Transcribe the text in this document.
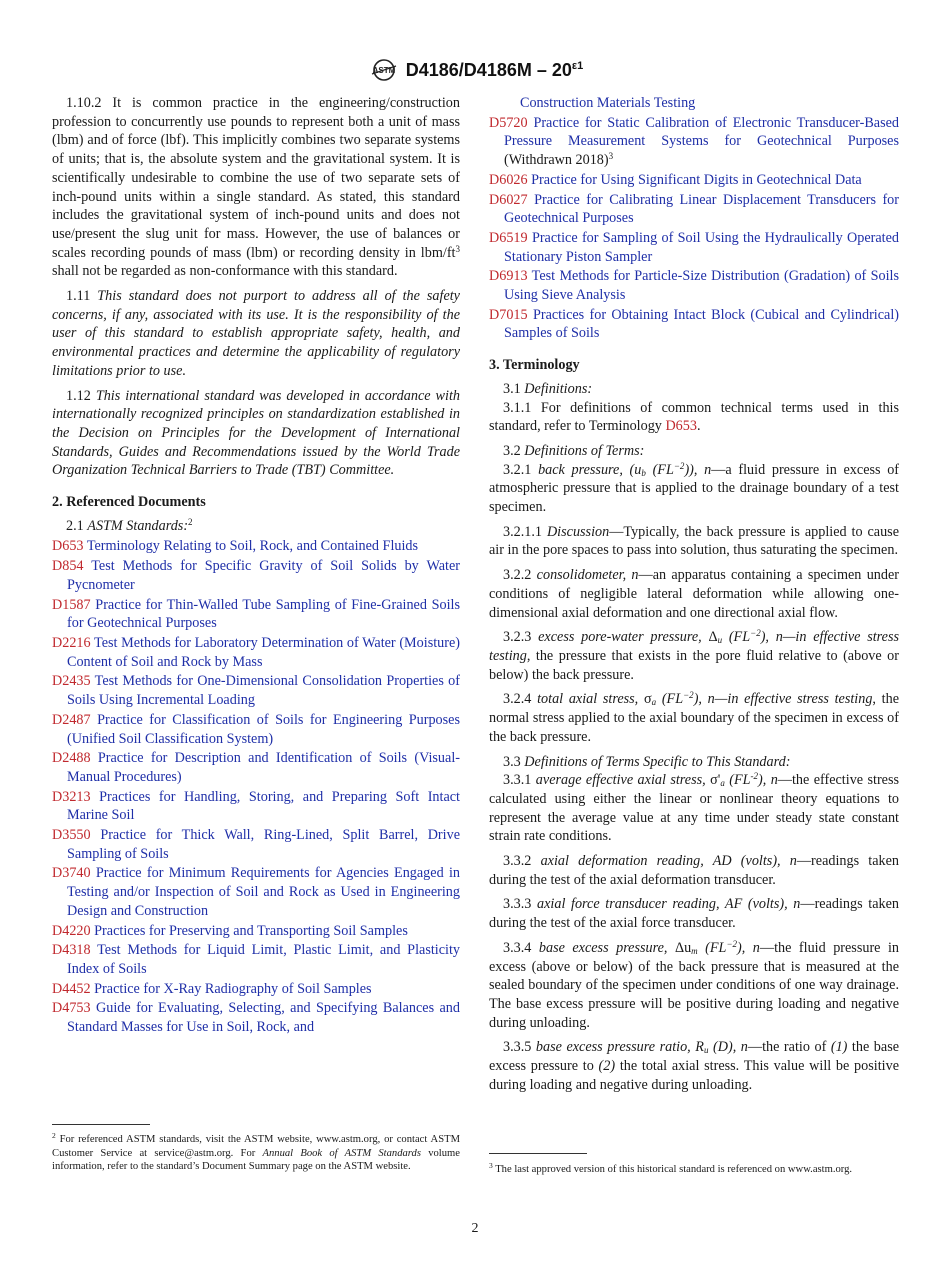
ASTM $D4186/D4186M - 20^{\varepsilon 1}$

1.10.2 It is common practice in the engineering/construction profession to concurrently use pounds to represent both a unit of mass (lbm) and of force (lbf). This implicitly combines two separate systems of units; that is, the absolute system and the gravitational system. It is scientifically undesirable to combine the use of two separate sets of inch-pound units within a single standard. As stated, this standard includes the gravitational system of inch-pound units and does not use/present the slug unit for mass. However, the use of balances or scales recording pounds of mass (lbm) or recording density in lbm/$ft^3$ shall not be regarded as non-conformance with this standard.

1.11 This standard does not purport to address all of the safety concerns, if any, associated with its use. It is the responsibility of the user of this standard to establish appropriate safety, health, and environmental practices and determine the applicability of regulatory limitations prior to use.

1.12 This international standard was developed in accordance with internationally recognized principles on standardization established in the Decision on Principles for the Development of International Standards, Guides and Recommendations issued by the World Trade Organization Technical Barriers to Trade (TBT) Committee.

2. Referenced Documents

2.1 ASTM Standards:$^2$

D653 Terminology Relating to Soil, Rock, and Contained Fluids
D854 Test Methods for Specific Gravity of Soil Solids by Water Pycnometer
D1587 Practice for Thin-Walled Tube Sampling of Fine-Grained Soils for Geotechnical Purposes
D2216 Test Methods for Laboratory Determination of Water (Moisture) Content of Soil and Rock by Mass
D2435 Test Methods for One-Dimensional Consolidation Properties of Soils Using Incremental Loading
D2487 Practice for Classification of Soils for Engineering Purposes (Unified Soil Classification System)
D2488 Practice for Description and Identification of Soils (Visual-Manual Procedures)
D3213 Practices for Handling, Storing, and Preparing Soft Intact Marine Soil
D3550 Practice for Thick Wall, Ring-Lined, Split Barrel, Drive Sampling of Soils
D3740 Practice for Minimum Requirements for Agencies Engaged in Testing and/or Inspection of Soil and Rock as Used in Engineering Design and Construction
D4220 Practices for Preserving and Transporting Soil Samples
D4318 Test Methods for Liquid Limit, Plastic Limit, and Plasticity Index of Soils
D4452 Practice for X-Ray Radiography of Soil Samples
D4753 Guide for Evaluating, Selecting, and Specifying Balances and Standard Masses for Use in Soil, Rock, and
Construction Materials Testing
D5720 Practice for Static Calibration of Electronic Transducer-Based Pressure Measurement Systems for Geotechnical Purposes (Withdrawn 2018)$^3$
D6026 Practice for Using Significant Digits in Geotechnical Data
D6027 Practice for Calibrating Linear Displacement Transducers for Geotechnical Purposes
D6519 Practice for Sampling of Soil Using the Hydraulically Operated Stationary Piston Sampler
D6913 Test Methods for Particle-Size Distribution (Gradation) of Soils Using Sieve Analysis
D7015 Practices for Obtaining Intact Block (Cubical and Cylindrical) Samples of Soils
3. Terminology

3.1 Definitions:

3.1.1 For definitions of common technical terms used in this standard, refer to Terminology D653.

3.2 Definitions of Terms:

3.2.1 back pressure, ($u_b$ $(FL^{-2})$), n—a fluid pressure in excess of atmospheric pressure that is applied to the drainage boundary of a test specimen.

3.2.1.1 Discussion—Typically, the back pressure is applied to cause air in the pore spaces to pass into solution, thus saturating the specimen.

3.2.2 consolidometer, n—an apparatus containing a specimen under conditions of negligible lateral deformation while allowing one-dimensional axial deformation and one directional axial flow.

3.2.3 excess pore-water pressure, $\Delta_u$ $(FL^{-2})$, n—in effective stress testing, the pressure that exists in the pore fluid relative to (above or below) the back pressure.

3.2.4 total axial stress, $\sigma_a$ $(FL^{-2})$, n—in effective stress testing, the normal stress applied to the axial boundary of the specimen in excess of the back pressure.

3.3 Definitions of Terms Specific to This Standard:

3.3.1 average effective axial stress, $\sigma'_a$ $(FL^{-2})$, n—the effective stress calculated using either the linear or nonlinear theory equations to represent the average value at any time under steady state constant strain rate conditions.

3.3.2 axial deformation reading, AD (volts), n—readings taken during the test of the axial deformation transducer.

3.3.3 axial force transducer reading, AF (volts), n—readings taken during the test of the axial force transducer.

3.3.4 base excess pressure, $\Delta u_m$ $(FL^{-2})$, n—the fluid pressure in excess (above or below) of the back pressure that is measured at the sealed boundary of the specimen under conditions of one way drainage. The base excess pressure will be positive during loading and negative during unloading.

3.3.5 base excess pressure ratio, $R_u$ (D), n—the ratio of (1) the base excess pressure to (2) the total axial stress. This value will be positive during loading and negative during unloading.

$^2$ For referenced ASTM standards, visit the ASTM website, www.astm.org, or contact ASTM Customer Service at service@astm.org. For Annual Book of ASTM Standards volume information, refer to the standard’s Document Summary page on the ASTM website.	$^3$ The last approved version of this historical standard is referenced on www.astm.org.
2
